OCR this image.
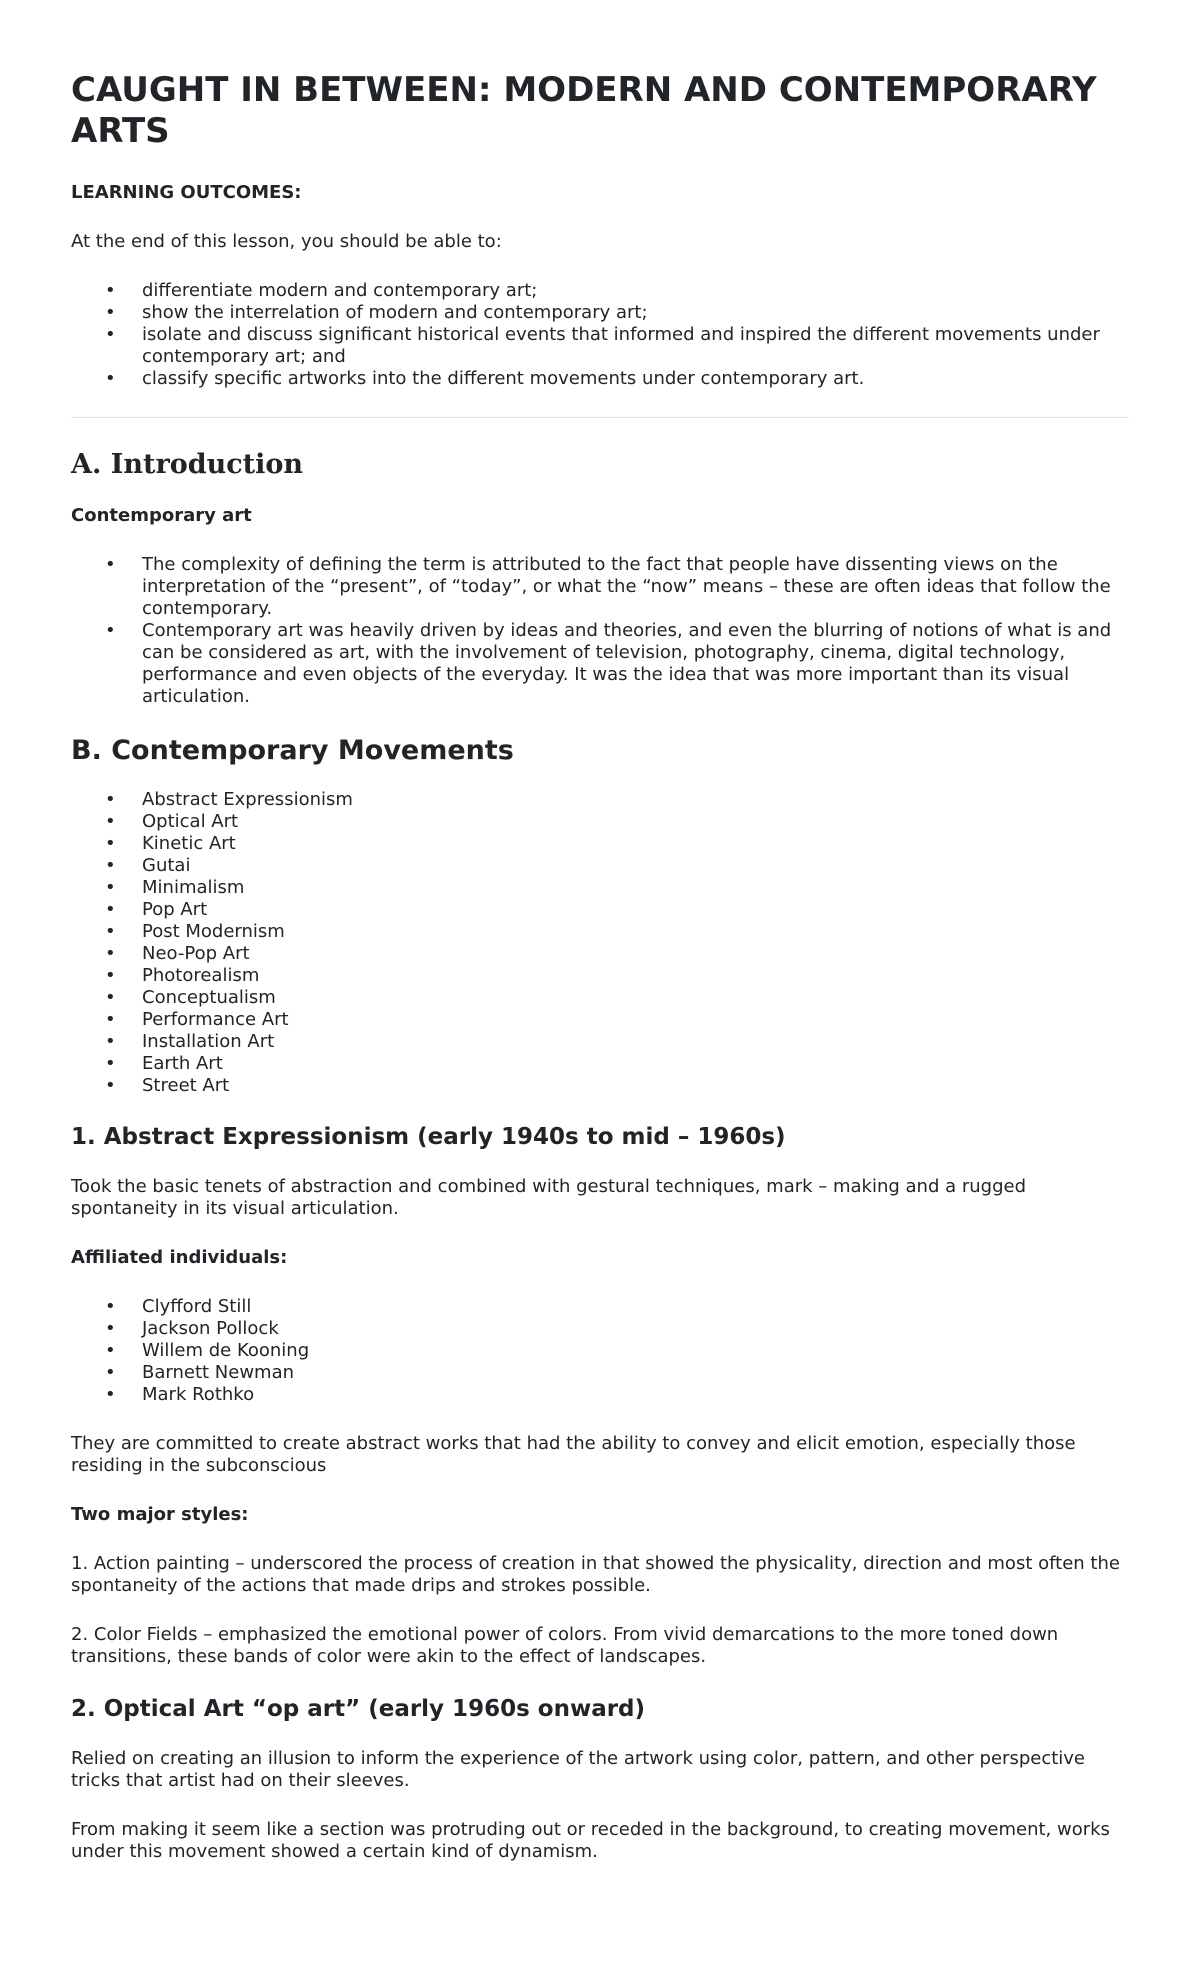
CAUGHT IN BETWEEN: MODERN AND CONTEMPORARY ARTS

LEARNING OUTCOMES:

At the end of this lesson, you should be able to:

• differentiate modern and contemporary art;
• show the interrelation of modern and contemporary art;
• isolate and discuss significant historical events that informed and inspired the different movements under contemporary art; and
• classify specific artworks into the different movements under contemporary art.
A. Introduction

Contemporary art

• The complexity of defining the term is attributed to the fact that people have dissenting views on the interpretation of the “present”, of “today”, or what the “now” means – these are often ideas that follow the contemporary.
• Contemporary art was heavily driven by ideas and theories, and even the blurring of notions of what is and can be considered as art, with the involvement of television, photography, cinema, digital technology, performance and even objects of the everyday. It was the idea that was more important than its visual articulation.
B. Contemporary Movements
• Abstract Expressionism
• Optical Art
• Kinetic Art
• Gutai
• Minimalism
• Pop Art
• Post Modernism
• Neo-Pop Art
• Photorealism
• Conceptualism
• Performance Art
• Installation Art
• Earth Art
• Street Art
1. Abstract Expressionism (early 1940s to mid – 1960s)

Took the basic tenets of abstraction and combined with gestural techniques, mark – making and a rugged spontaneity in its visual articulation.

Affiliated individuals:

• Clyfford Still
• Jackson Pollock
• Willem de Kooning
• Barnett Newman
• Mark Rothko

They are committed to create abstract works that had the ability to convey and elicit emotion, especially those residing in the subconscious

Two major styles:

1. Action painting – underscored the process of creation in that showed the physicality, direction and most often the spontaneity of the actions that made drips and strokes possible.

2. Color Fields – emphasized the emotional power of colors. From vivid demarcations to the more toned down transitions, these bands of color were akin to the effect of landscapes.

2. Optical Art “op art” (early 1960s onward)

Relied on creating an illusion to inform the experience of the artwork using color, pattern, and other perspective tricks that artist had on their sleeves.

From making it seem like a section was protruding out or receded in the background, to creating movement, works under this movement showed a certain kind of dynamism.
